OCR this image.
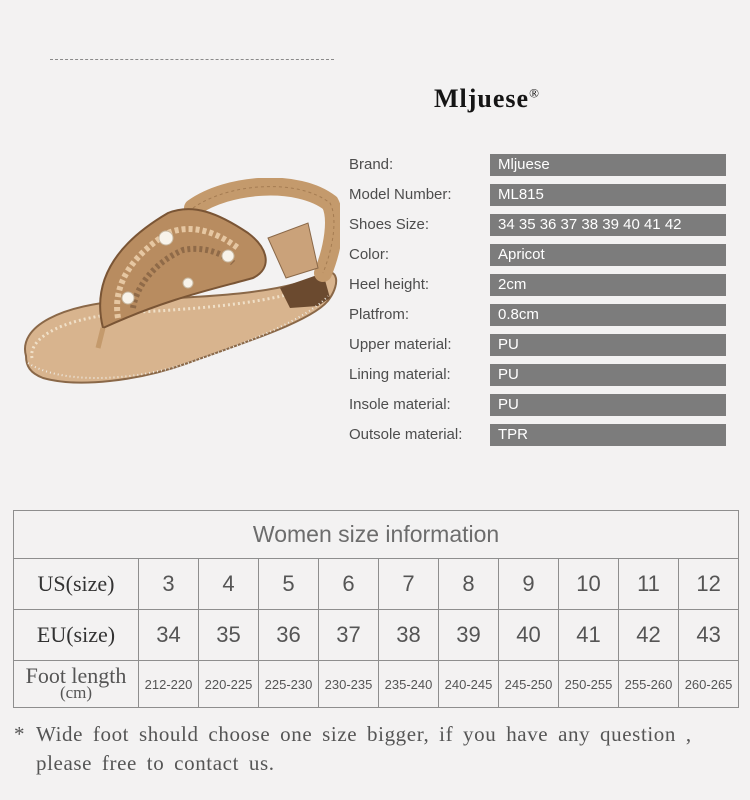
Mljuese®
Brand:	Mljuese
Model Number:	ML815
Shoes Size:	34 35 36 37 38 39 40 41 42
Color:	Apricot
Heel height:	2cm
Platfrom:	0.8cm
Upper material:	PU
Lining material:	PU
Insole material:	PU
Outsole material:	TPR
Women size information										
US(size)	3	4	5	6	7	8	9	10	11	12
EU(size)	34	35	36	37	38	39	40	41	42	43

Foot length
(cm)	212-220	220-225	225-230	230-235	235-240	240-245	245-250	250-255	255-260	260-265
* Wide foot should choose one size bigger, if you have any question ,
please free to contact us.
